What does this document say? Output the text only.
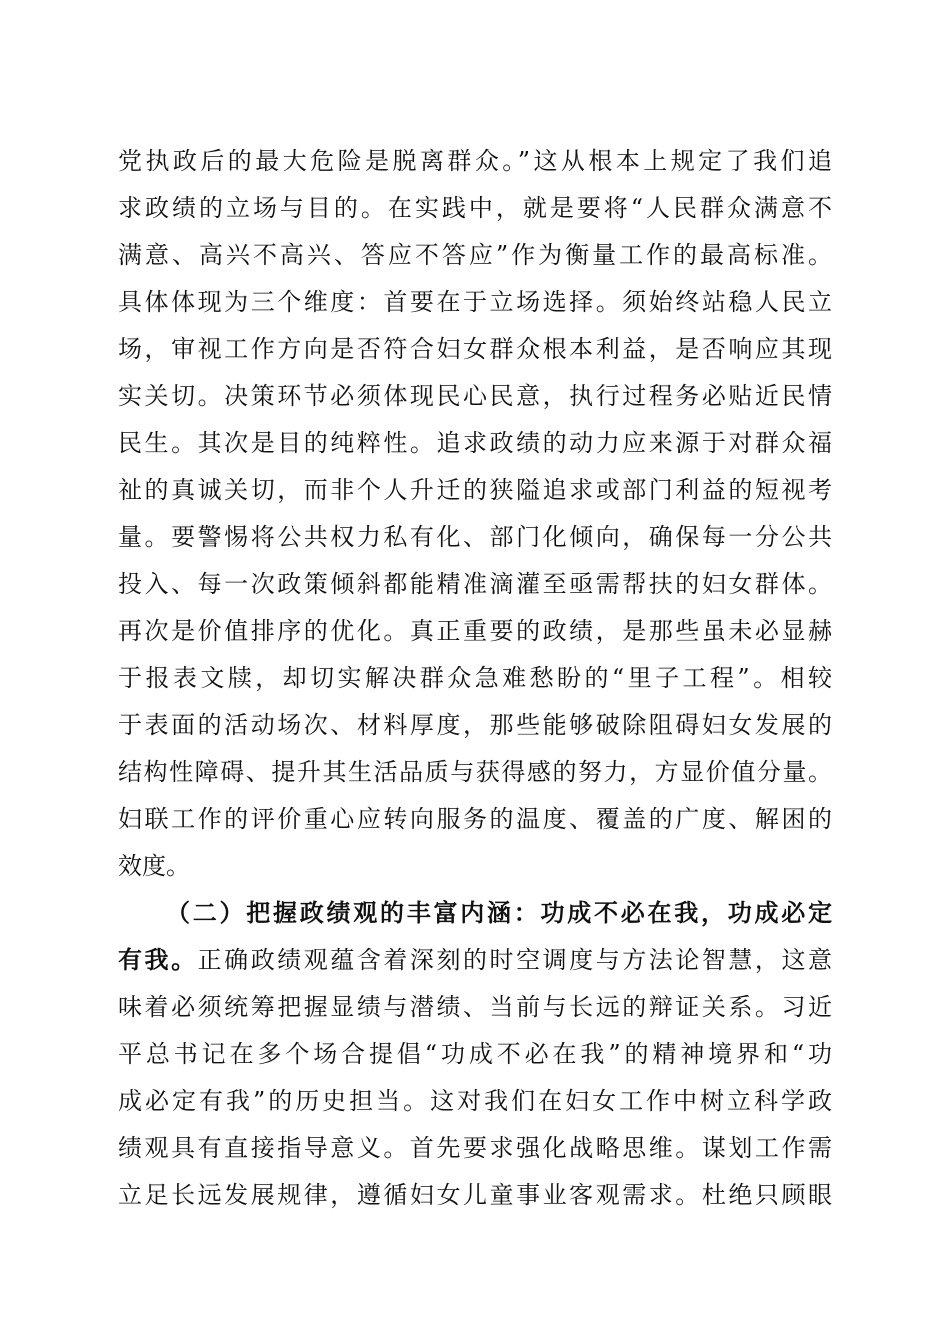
党执政后的最大危险是脱离群众。”这从根本上规定了我们追
求政绩的立场与目的。在实践中，就是要将“人民群众满意不
满意、高兴不高兴、答应不答应”作为衡量工作的最高标准。
具体体现为三个维度：首要在于立场选择。须始终站稳人民立
场，审视工作方向是否符合妇女群众根本利益，是否响应其现
实关切。决策环节必须体现民心民意，执行过程务必贴近民情
民生。其次是目的纯粹性。追求政绩的动力应来源于对群众福
祉的真诚关切，而非个人升迁的狭隘追求或部门利益的短视考
量。要警惕将公共权力私有化、部门化倾向，确保每一分公共
投入、每一次政策倾斜都能精准滴灌至亟需帮扶的妇女群体。
再次是价值排序的优化。真正重要的政绩，是那些虽未必显赫
于报表文牍，却切实解决群众急难愁盼的“里子工程”。相较
于表面的活动场次、材料厚度，那些能够破除阻碍妇女发展的
结构性障碍、提升其生活品质与获得感的努力，方显价值分量。
妇联工作的评价重心应转向服务的温度、覆盖的广度、解困的
效度。
（二）把握政绩观的丰富内涵：功成不必在我，功成必定
有我。正确政绩观蕴含着深刻的时空调度与方法论智慧，这意
味着必须统筹把握显绩与潜绩、当前与长远的辩证关系。习近
平总书记在多个场合提倡“功成不必在我”的精神境界和“功
成必定有我”的历史担当。这对我们在妇女工作中树立科学政
绩观具有直接指导意义。首先要求强化战略思维。谋划工作需
立足长远发展规律，遵循妇女儿童事业客观需求。杜绝只顾眼
